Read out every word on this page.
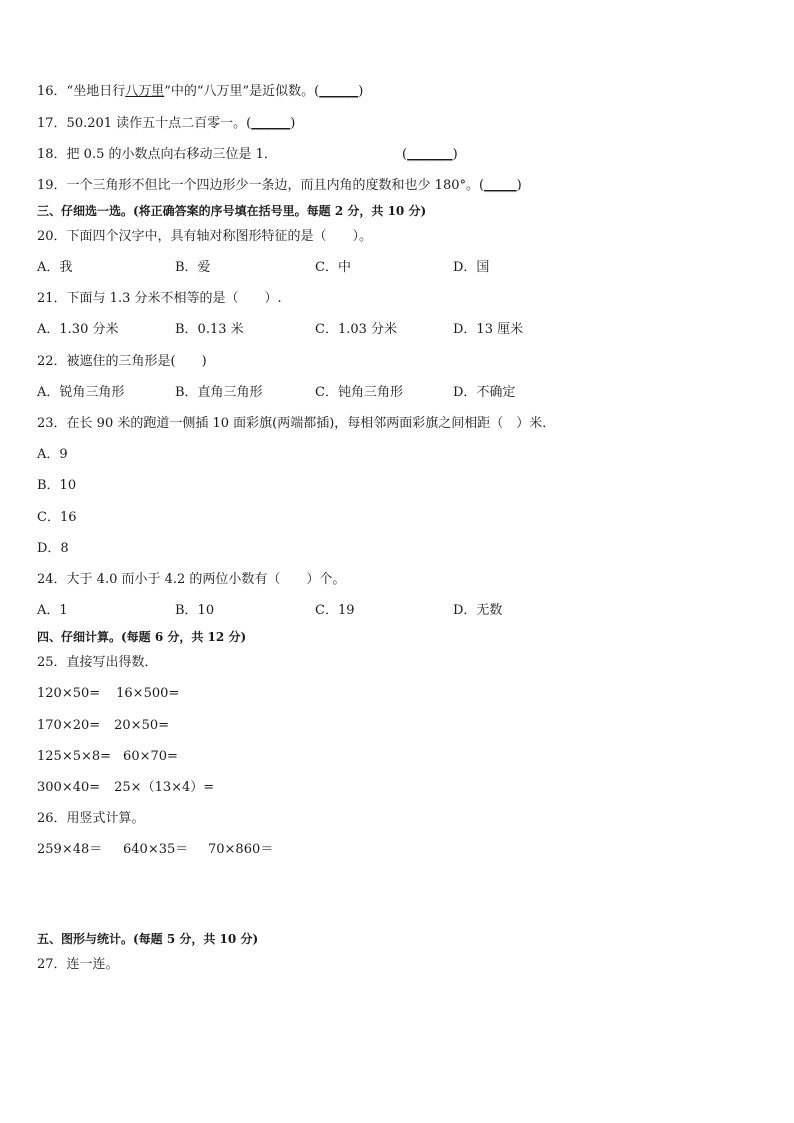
16．“坐地日行八万里”中的“八万里”是近似数。(______)
17．50.201 读作五十点二百零一。(______)
18．把 0.5 的小数点向右移动三位是 1．	(_______)
19．一个三角形不但比一个四边形少一条边，而且内角的度数和也少 180°。(_____)
三、仔细选一选。(将正确答案的序号填在括号里。每题 2 分，共 10 分)
20．下面四个汉字中，具有轴对称图形特征的是（　　）。
A．我	B．爱	C．中	D．国
21．下面与 1.3 分米不相等的是（　　）.
A．1.30 分米	B．0.13 米	C．1.03 分米	D．13 厘米
22．被遮住的三角形是(　　)
A．锐角三角形	B．直角三角形	C．钝角三角形	D．不确定
23．在长 90 米的跑道一侧插 10 面彩旗(两端都插)，每相邻两面彩旗之间相距（　）米．
A．9
B．10
C．16
D．8
24．大于 4.0 而小于 4.2 的两位小数有（　　）个。
A．1	B．10	C．19	D．无数
四、仔细计算。(每题 6 分，共 12 分)
25．直接写出得数．
120×50= 16×500=
170×20= 20×50=
125×5×8= 60×70=
300×40= 25×（13×4）=
26．用竖式计算。
259×48＝ 640×35＝ 70×860＝
五、图形与统计。(每题 5 分，共 10 分)
27．连一连。
